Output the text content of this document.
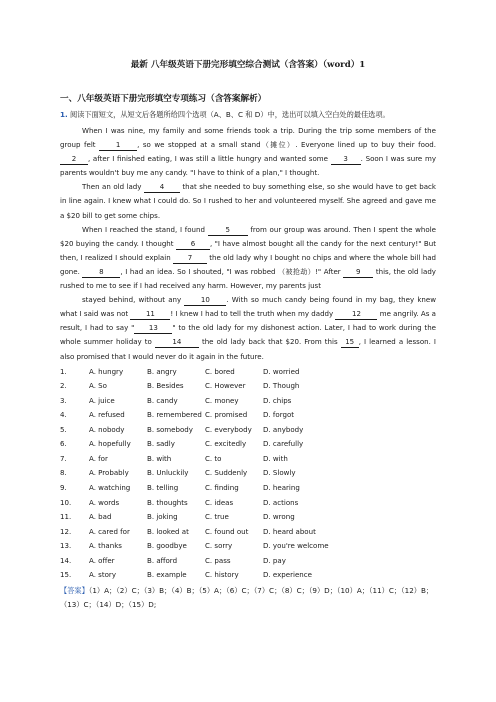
最新 八年级英语下册完形填空综合测试（含答案）（word）1
一、八年级英语下册完形填空专项练习（含答案解析）
1. 阅读下面短文，从短文后各题所给四个选项（A、B、C 和 D）中，选出可以填入空白处的最佳选项。

When I was nine, my family and some friends took a trip. During the trip some members of the group felt 1 , so we stopped at a small stand（摊位）. Everyone lined up to buy their food. 2 , after I finished eating, I was still a little hungry and wanted some 3 . Soon I was sure my parents wouldn't buy me any candy. "I have to think of a plan," I thought.

Then an old lady 4 that she needed to buy something else, so she would have to get back in line again. I knew what I could do. So I rushed to her and volunteered myself. She agreed and gave me a $20 bill to get some chips.

When I reached the stand, I found	5	from our group was around. Then I spent the whole $20 buying the candy. I thought 6 , "I have almost bought all the candy for the next century!" But then, I realized I should explain 7 the old lady why I bought no chips and where the whole bill had gone. 8 , I had an idea. So I shouted, "I was robbed （被抢劫）!" After 9 this, the old lady rushed to me to see if I had received any harm. However, my parents just

stayed behind, without any 10 . With so much candy being found in my bag, they knew what I said was not 11 ! I knew I had to tell the truth when my daddy 12 me angrily. As a result, I had to say " 13 " to the old lady for my dishonest action. Later, I had to work during the whole summer holiday to 14 the old lady back that $20. From this 15 , I learned a lesson. I also promised that I would never do it again in the future.

1.	A. hungry	B. angry	C. bored	D. worried
2.	A. So	B. Besides	C. However	D. Though
3.	A. juice	B. candy	C. money	D. chips
4.	A. refused	B. remembered C. promised	D. forgot
5.	A. nobody	B. somebody	C. everybody	D. anybody
6.	A. hopefully	B. sadly	C. excitedly	D. carefully
7.	A. for	B. with	C. to	D. with
8.	A. Probably	B. Unluckily	C. Suddenly	D. Slowly
9.	A. watching	B. telling	C. finding	D. hearing
10.	A. words	B. thoughts	C. ideas	D. actions
11.	A. bad	B. joking	C. true	D. wrong
12.	A. cared for	B. looked at	C. found out	D. heard about
13.	A. thanks	B. goodbye	C. sorry	D. you're welcome
14.	A. offer	B. afford	C. pass	D. pay
15.	A. story	B. example	C. history	D. experience
【答案】（1）A；（2）C；（3）B；（4）B；（5）A；（6）C；（7）C；（8）C；（9）D；（10）A；（11）C；（12）B；（13）C；（14）D；（15）D;
